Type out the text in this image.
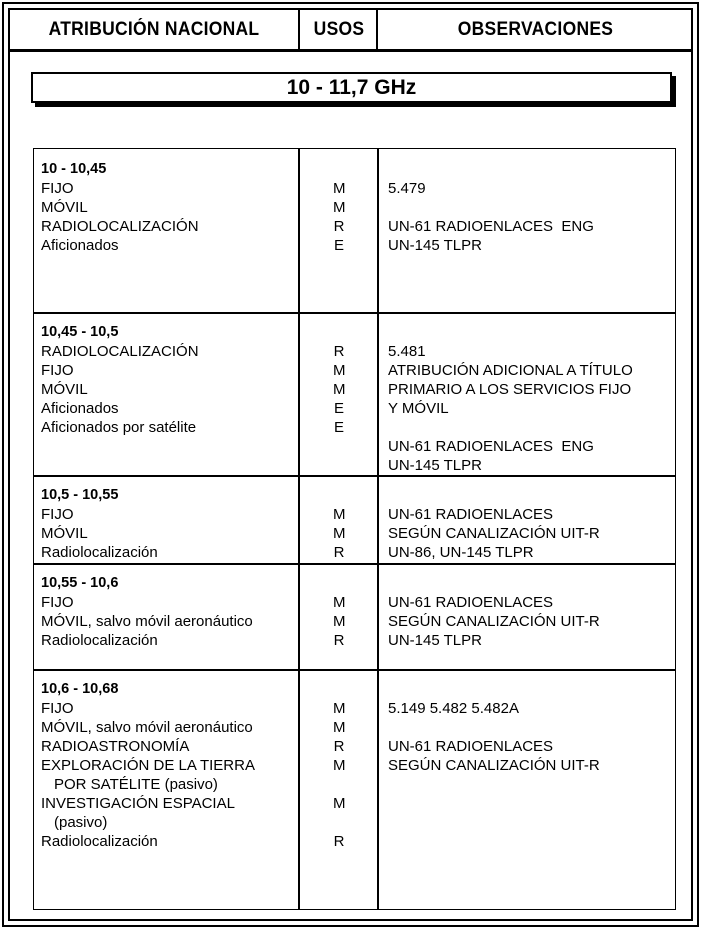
ATRIBUCIÓN NACIONAL	USOS	OBSERVACIONES
10 - 11,7 GHz
10 - 10,45
FIJO
MÓVIL
RADIOLOCALIZACIÓN
Aficionados
M
M
R
E
5.479
UN-61 RADIOENLACES  ENG
UN-145 TLPR
10,45 - 10,5
RADIOLOCALIZACIÓN
FIJO
MÓVIL
Aficionados
Aficionados por satélite
R
M
M
E
E
5.481
ATRIBUCIÓN ADICIONAL A TÍTULO
PRIMARIO A LOS SERVICIOS FIJO
Y MÓVIL
UN-61 RADIOENLACES  ENG
UN-145 TLPR
10,5 - 10,55
FIJO
MÓVIL
Radiolocalización
M
M
R
UN-61 RADIOENLACES
SEGÚN CANALIZACIÓN UIT-R
UN-86, UN-145 TLPR
10,55 - 10,6
FIJO
MÓVIL, salvo móvil aeronáutico
Radiolocalización
M
M
R
UN-61 RADIOENLACES
SEGÚN CANALIZACIÓN UIT-R
UN-145 TLPR
10,6 - 10,68
FIJO
MÓVIL, salvo móvil aeronáutico
RADIOASTRONOMÍA
EXPLORACIÓN DE LA TIERRA
POR SATÉLITE (pasivo)
INVESTIGACIÓN ESPACIAL
(pasivo)
Radiolocalización
M
M
R
M
M
R
5.149 5.482 5.482A
UN-61 RADIOENLACES
SEGÚN CANALIZACIÓN UIT-R
